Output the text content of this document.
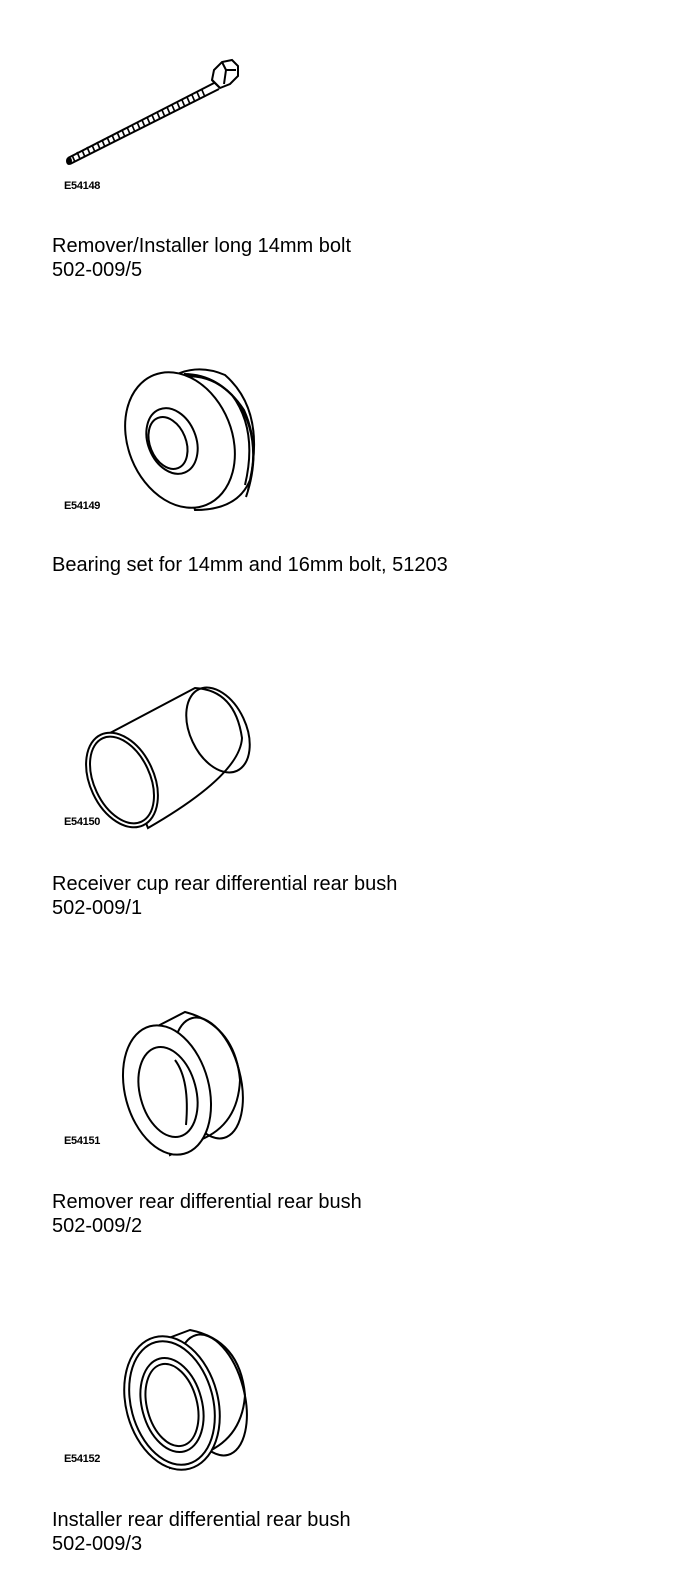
E54148
Remover/Installer long 14mm bolt
502-009/5
E54149
Bearing set for 14mm and 16mm bolt, 51203
E54150
Receiver cup rear differential rear bush
502-009/1
E54151
Remover rear differential rear bush
502-009/2
E54152
Installer rear differential rear bush
502-009/3
